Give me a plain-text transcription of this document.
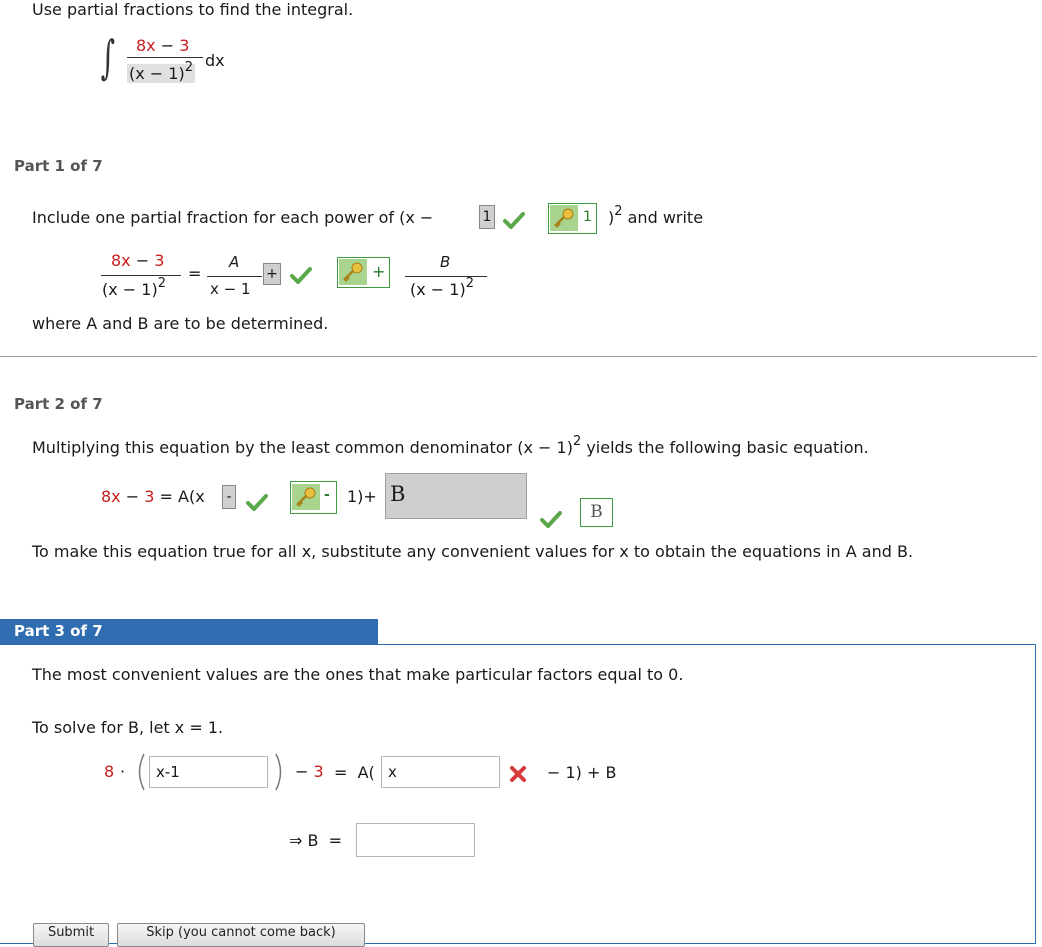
Use partial fractions to find the integral.
∫ 8x − 3
$(x - 1)^2$ dx
Part 1 of 7
Include one partial fraction for each power of (x −	1	1 )$^2$ and write
8x − 3
$(x - 1)^2$
=
A
x − 1
+	+	B
$(x - 1)^2$
where A and B are to be determined.
Part 2 of 7
Multiplying this equation by the least common denominator $(x - 1)^2$ yields the following basic equation.
8x − 3 = A(x	-	- 1)+ B
B
To make this equation true for all x, substitute any convenient values for x to obtain the equations in A and B.
Part 3 of 7
The most convenient values are the ones that make particular factors equal to 0.
To solve for B, let x = 1.
8 ·	x-1	− 3 =  A( x	− 1) + B
⇒ B  =
Submit	Skip (you cannot come back)
